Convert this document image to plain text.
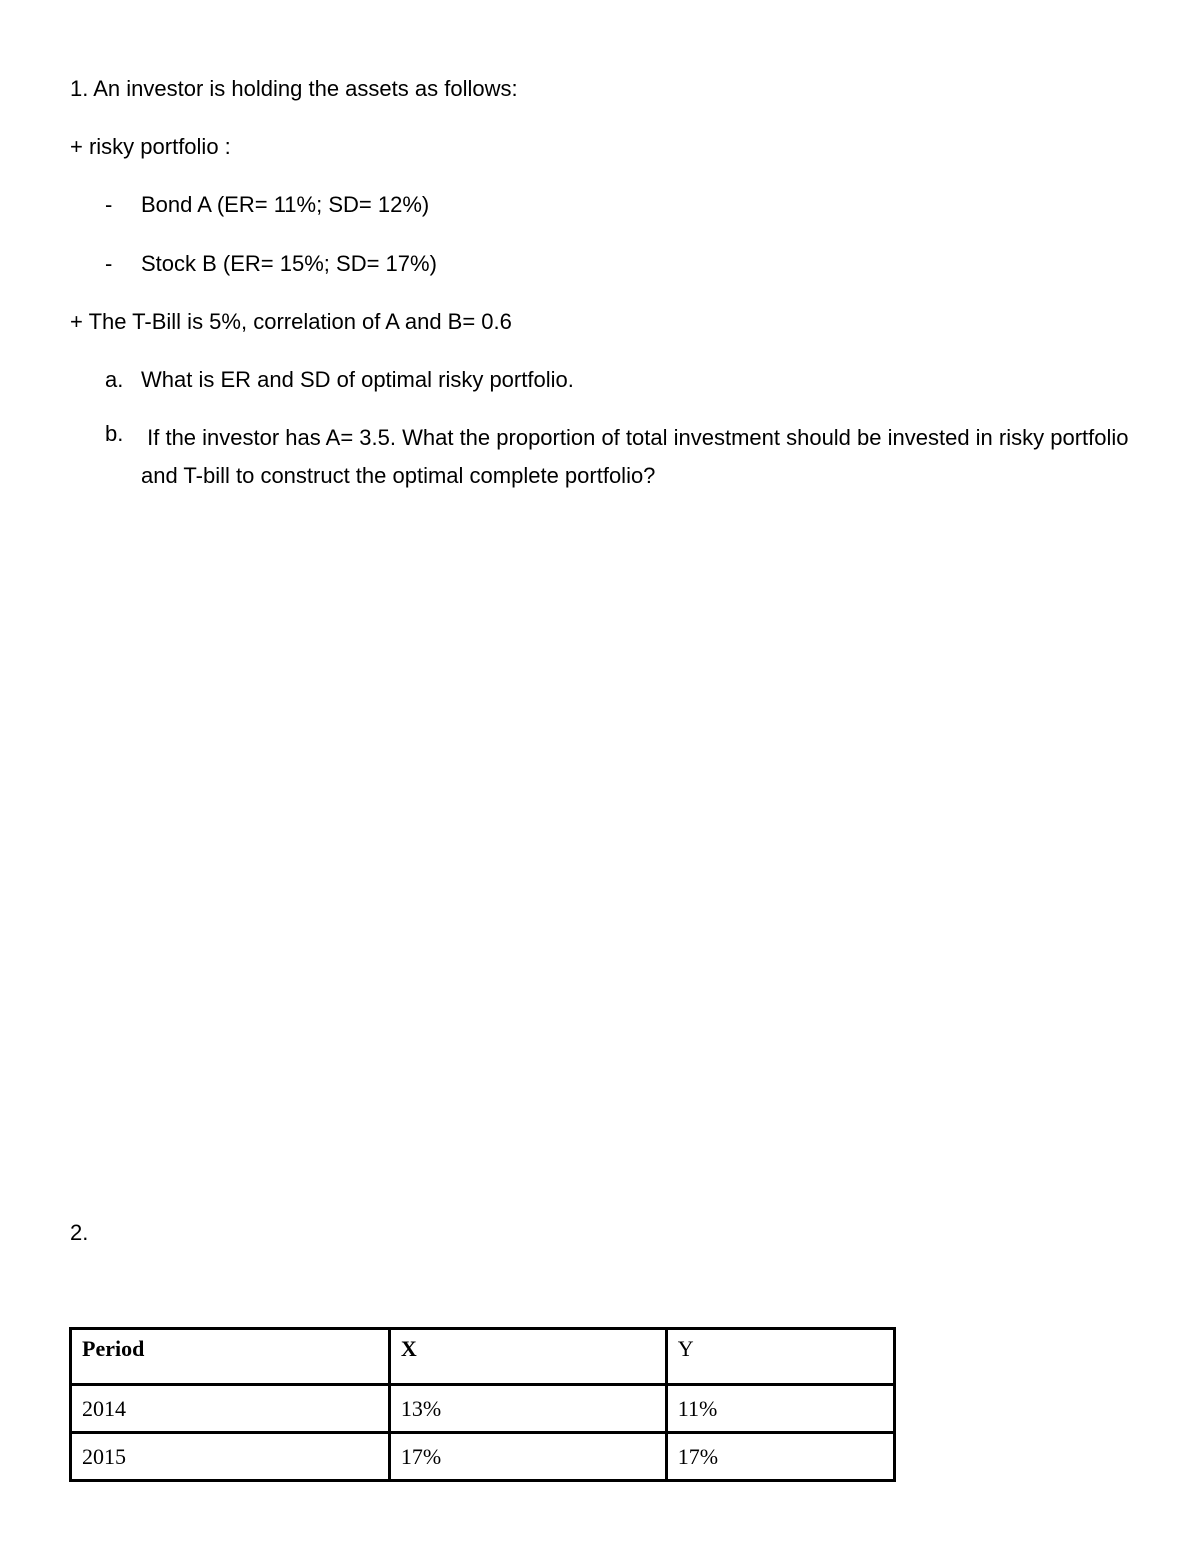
1. An investor is holding the assets as follows:
+ risky portfolio :
- Bond A (ER= 11%; SD= 12%)
- Stock B (ER= 15%; SD= 17%)
+ The T-Bill is 5%, correlation of A and B= 0.6
a. What is ER and SD of optimal risky portfolio.
b. If the investor has A= 3.5. What the proportion of total investment should be invested in risky portfolio and T-bill to construct the optimal complete portfolio?
2.
Period	X	Y
2014	13%	11%
2015	17%	17%
